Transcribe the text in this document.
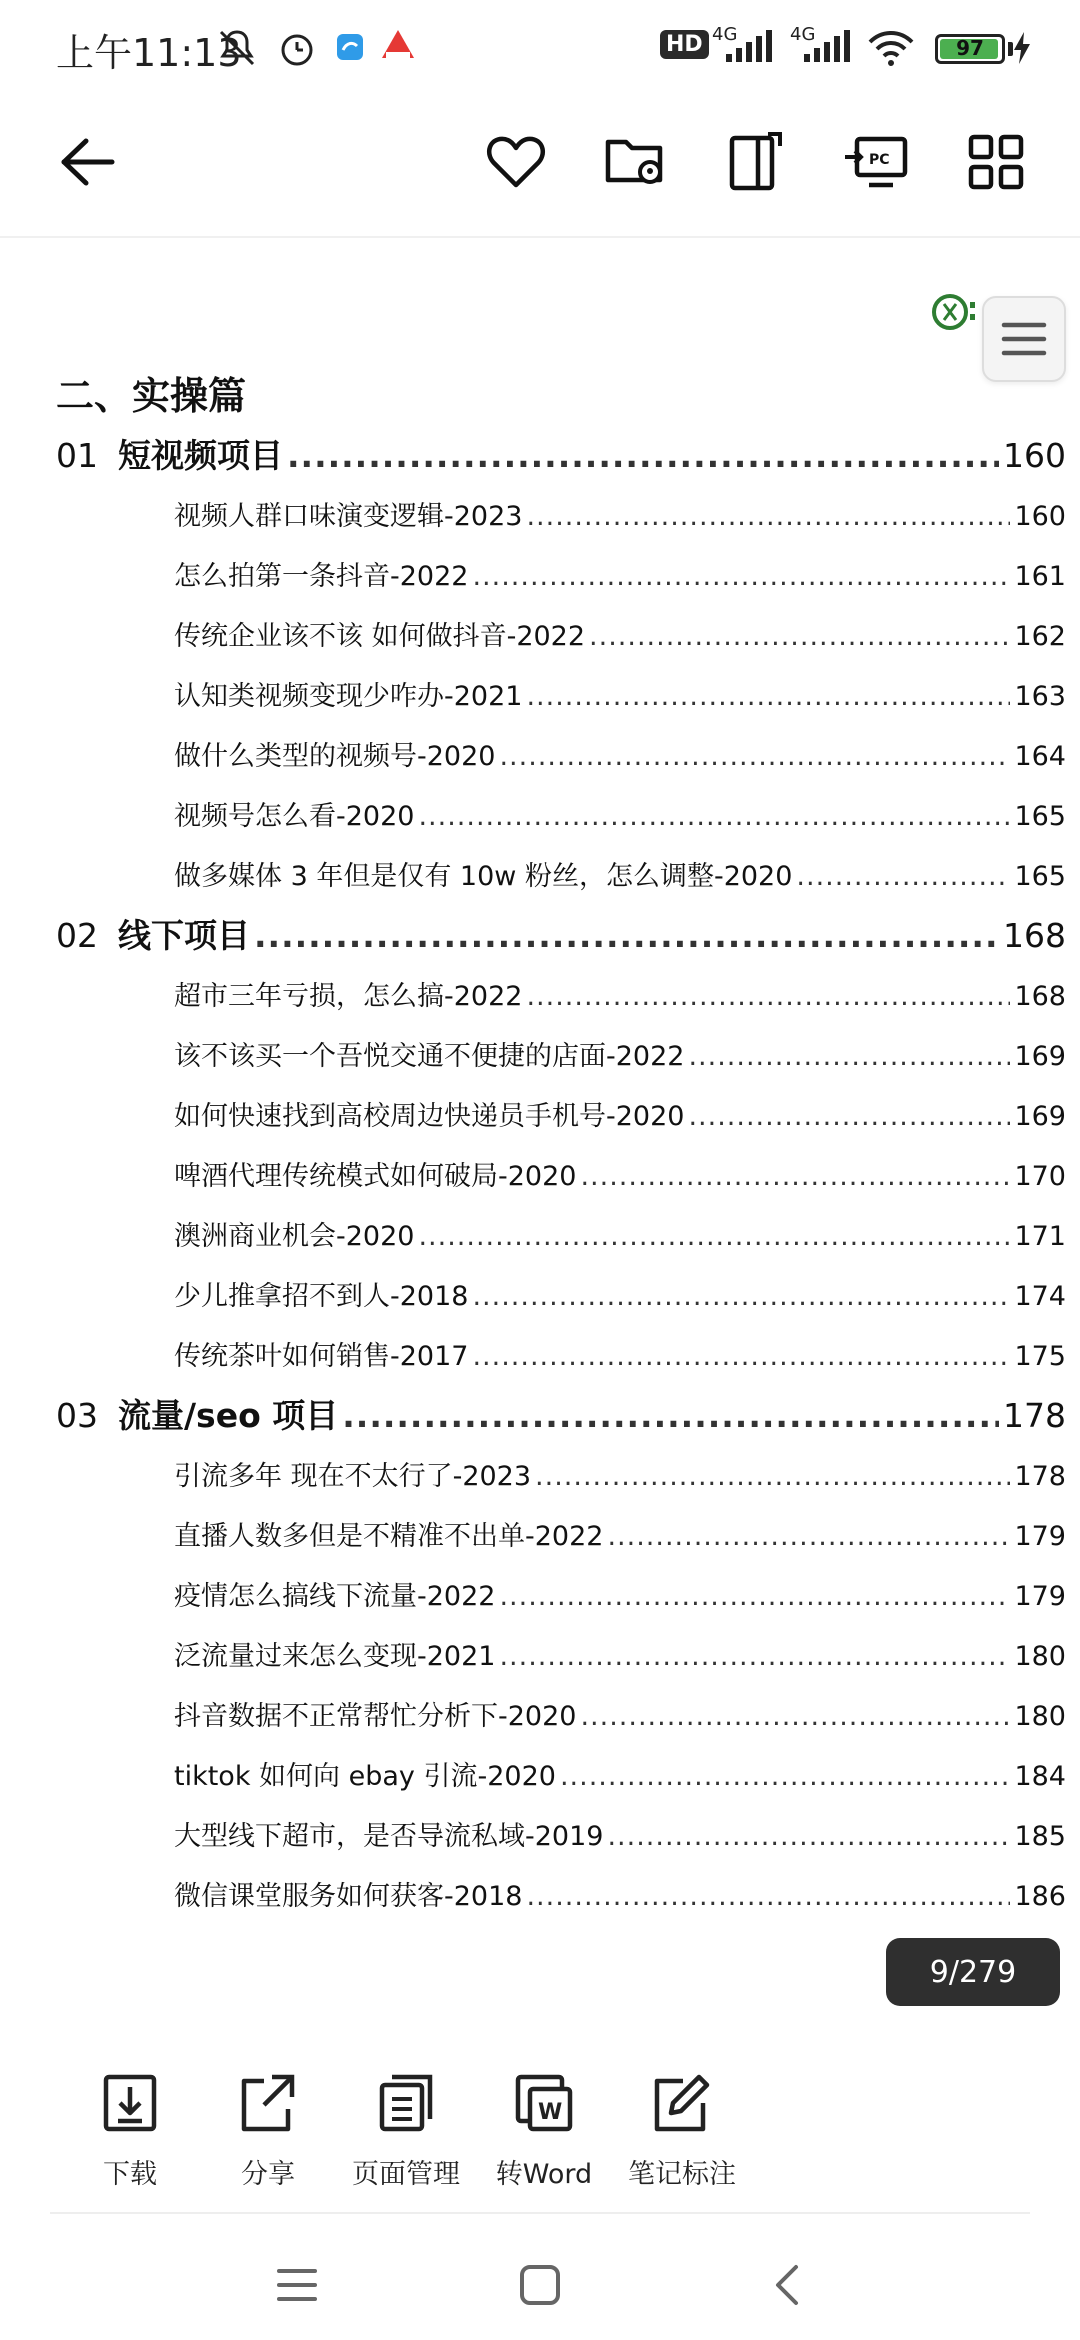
上午11:13	HD 4G	4G
97
PC
二、实操篇
01 短视频项目 .....	160
视频人群口味演变逻辑-2023 .....	160
怎么拍第一条抖音-2022 .....	161
传统企业该不该 如何做抖音-2022 .....	162
认知类视频变现少咋办-2021 .....	163
做什么类型的视频号-2020 .....	164
视频号怎么看-2020 .....	165
做多媒体 3 年但是仅有 10w 粉丝，怎么调整-2020 .....	165
02 线下项目 .....	168
超市三年亏损，怎么搞-2022 .....	168
该不该买一个吾悦交通不便捷的店面-2022 .....	169
如何快速找到高校周边快递员手机号-2020 .....	169
啤酒代理传统模式如何破局-2020 .....	170
澳洲商业机会-2020 .....	171
少儿推拿招不到人-2018 .....	174
传统茶叶如何销售-2017 .....	175
03 流量/seo 项目 .....	178
引流多年 现在不太行了-2023 .....	178
直播人数多但是不精准不出单-2022 .....	179
疫情怎么搞线下流量-2022 .....	179
泛流量过来怎么变现-2021 .....	180
抖音数据不正常帮忙分析下-2020 .....	180
tiktok 如何向 ebay 引流-2020 .....	184
大型线下超市，是否导流私域-2019 .....	185
微信课堂服务如何获客-2018 .....	186
9/279
下载	分享 页面管理
W
转Word 笔记标注
